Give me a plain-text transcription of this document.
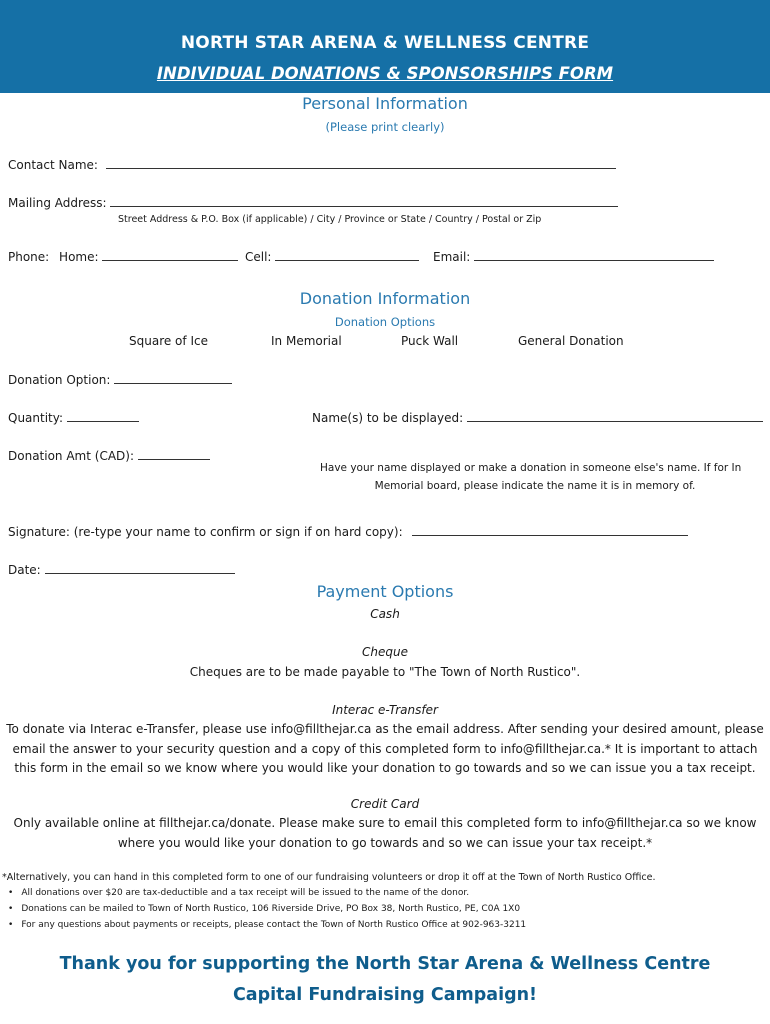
NORTH STAR ARENA & WELLNESS CENTRE
INDIVIDUAL DONATIONS & SPONSORSHIPS FORM
Personal Information
(Please print clearly)
Contact Name:
Mailing Address:
Street Address & P.O. Box (if applicable) / City / Province or State / Country / Postal or Zip
Phone: Home:	Cell:	Email:
Donation Information
Donation Options
Square of Ice	In Memorial	Puck Wall	General Donation
Donation Option:
Quantity:	Name(s) to be displayed:
Donation Amt (CAD):
Have your name displayed or make a donation in someone else's name. If for In
Memorial board, please indicate the name it is in memory of.
Signature: (re-type your name to confirm or sign if on hard copy):
Date:
Payment Options
Cash
Cheque
Cheques are to be made payable to "The Town of North Rustico".
Interac e-Transfer
To donate via Interac e-Transfer, please use info@fillthejar.ca as the email address. After sending your desired amount, please email the answer to your security question and a copy of this completed form to info@fillthejar.ca.* It is important to attach this form in the email so we know where you would like your donation to go towards and so we can issue you a tax receipt.
Credit Card
Only available online at fillthejar.ca/donate. Please make sure to email this completed form to info@fillthejar.ca so we know where you would like your donation to go towards and so we can issue your tax receipt.*
*Alternatively, you can hand in this completed form to one of our fundraising volunteers or drop it off at the Town of North Rustico Office.
• All donations over $20 are tax-deductible and a tax receipt will be issued to the name of the donor.
• Donations can be mailed to Town of North Rustico, 106 Riverside Drive, PO Box 38, North Rustico, PE, C0A 1X0
• For any questions about payments or receipts, please contact the Town of North Rustico Office at 902-963-3211
Thank you for supporting the North Star Arena & Wellness Centre
Capital Fundraising Campaign!
